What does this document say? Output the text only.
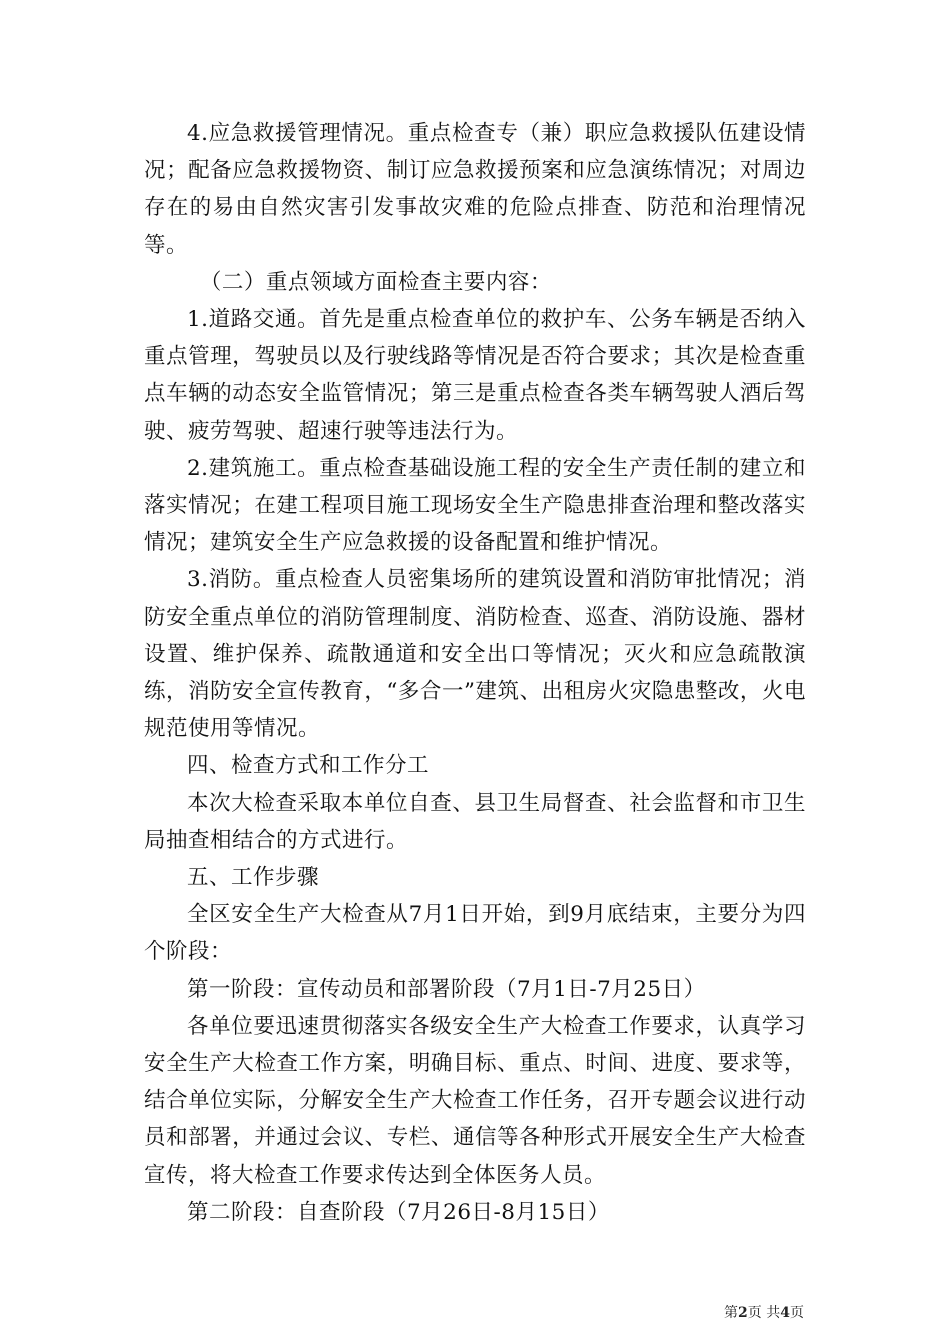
4.应急救援管理情况。重点检查专（兼）职应急救援队伍建设情况；配备应急救援物资、制订应急救援预案和应急演练情况；对周边存在的易由自然灾害引发事故灾难的危险点排查、防范和治理情况等。

（二）重点领域方面检查主要内容：

1.道路交通。首先是重点检查单位的救护车、公务车辆是否纳入重点管理，驾驶员以及行驶线路等情况是否符合要求；其次是检查重点车辆的动态安全监管情况；第三是重点检查各类车辆驾驶人酒后驾驶、疲劳驾驶、超速行驶等违法行为。

2.建筑施工。重点检查基础设施工程的安全生产责任制的建立和落实情况；在建工程项目施工现场安全生产隐患排查治理和整改落实情况；建筑安全生产应急救援的设备配置和维护情况。

3.消防。重点检查人员密集场所的建筑设置和消防审批情况；消防安全重点单位的消防管理制度、消防检查、巡查、消防设施、器材设置、维护保养、疏散通道和安全出口等情况；灭火和应急疏散演练，消防安全宣传教育，“多合一”建筑、出租房火灾隐患整改，火电规范使用等情况。

四、检查方式和工作分工

本次大检查采取本单位自查、县卫生局督查、社会监督和市卫生局抽查相结合的方式进行。

五、工作步骤

全区安全生产大检查从7月1日开始，到9月底结束，主要分为四个阶段：

第一阶段：宣传动员和部署阶段（7月1日-7月25日）

各单位要迅速贯彻落实各级安全生产大检查工作要求，认真学习安全生产大检查工作方案，明确目标、重点、时间、进度、要求等，结合单位实际，分解安全生产大检查工作任务，召开专题会议进行动员和部署，并通过会议、专栏、通信等各种形式开展安全生产大检查宣传，将大检查工作要求传达到全体医务人员。

第二阶段：自查阶段（7月26日-8月15日）

第2页 共4页
